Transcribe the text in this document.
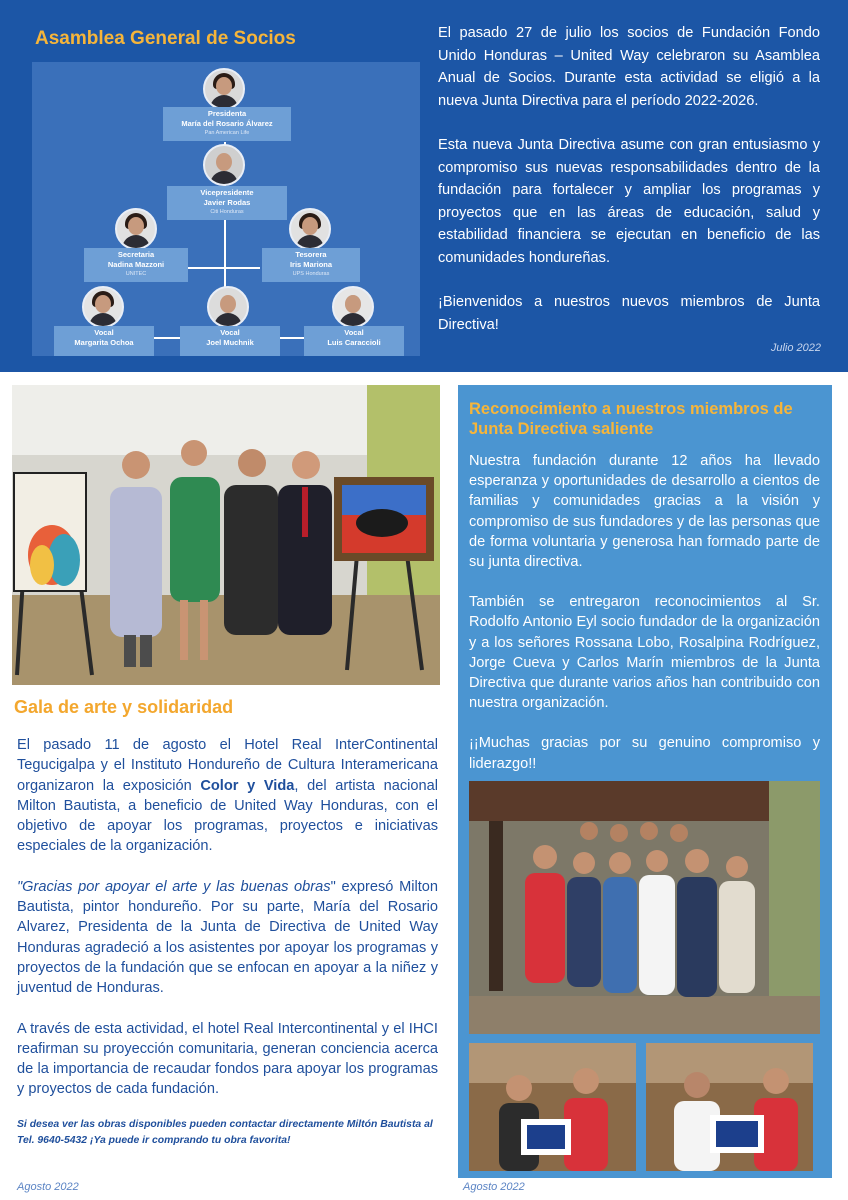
Asamblea General de Socios
Presidenta
María del Rosario Álvarez
Pan American Life
Vicepresidente
Javier Rodas
Citi Honduras
Secretaria
Nadina Mazzoni
UNITEC
Tesorera
Iris Mariona
UPS Honduras
Vocal
Margarita Ochoa
Vocal
Joel Muchnik
Vocal
Luis Caraccioli

El pasado 27 de julio los socios de Fundación Fondo Unido Honduras – United Way celebraron su Asamblea Anual de Socios. Durante esta actividad se eligió a la nueva Junta Directiva para el período 2022-2026.

Esta nueva Junta Directiva asume con gran entusiasmo y compromiso sus nuevas responsabilidades dentro de la fundación para fortalecer y ampliar los programas y proyectos que en las áreas de educación, salud y estabilidad financiera se ejecutan en beneficio de las comunidades hondureñas.

¡Bienvenidos a nuestros nuevos miembros de Junta Directiva!

Julio 2022
Gala de arte y solidaridad

El pasado 11 de agosto el Hotel Real InterContinental Tegucigalpa y el Instituto Hondureño de Cultura Interamericana organizaron la exposición Color y Vida, del artista nacional Milton Bautista, a beneficio de United Way Honduras, con el objetivo de apoyar los programas, proyectos e iniciativas especiales de la organización.

"Gracias por apoyar el arte y las buenas obras" expresó Milton Bautista, pintor hondureño. Por su parte, María del Rosario Alvarez, Presidenta de la Junta de Directiva de United Way Honduras agradeció a los asistentes por apoyar los programas y proyectos de la fundación que se enfocan en apoyar a la niñez y juventud de Honduras.

A través de esta actividad, el hotel Real Intercontinental y el IHCI reafirman su proyección comunitaria, generan conciencia acerca de la importancia de recaudar fondos para apoyar los programas y proyectos de cada fundación.

Si desea ver las obras disponibles pueden contactar directamente Miltón Bautista al Tel. 9640-5432 ¡Ya puede ir comprando tu obra favorita!
Agosto 2022
Reconocimiento a nuestros miembros de Junta Directiva saliente

Nuestra fundación durante 12 años ha llevado esperanza y oportunidades de desarrollo a cientos de familias y comunidades gracias a la visión y compromiso de sus fundadores y de las personas que de forma voluntaria y generosa han formado parte de su junta directiva.

También se entregaron reconocimientos al Sr. Rodolfo Antonio Eyl socio fundador de la organización y a los señores Rossana Lobo, Rosalpina Rodríguez, Jorge Cueva y Carlos Marín miembros de la Junta Directiva que durante varios años han contribuido con nuestra organización.

¡¡Muchas gracias por su genuino compromiso y liderazgo!!

Agosto 2022
